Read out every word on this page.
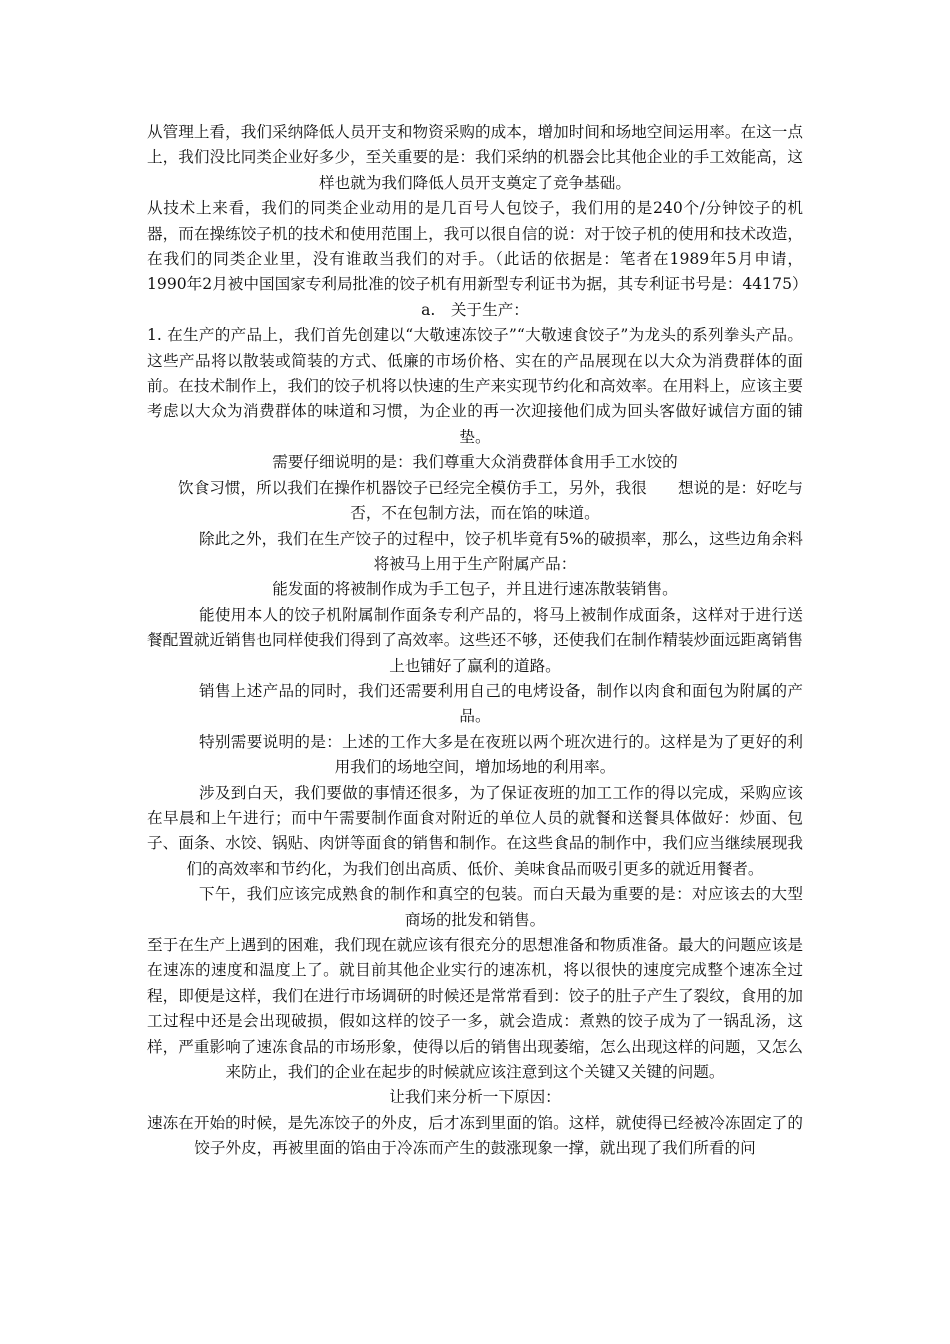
从管理上看，我们采纳降低人员开支和物资采购的成本，增加时间和场地空间运用率。在这一点上，我们没比同类企业好多少，至关重要的是：我们采纳的机器会比其他企业的手工效能高，这样也就为我们降低人员开支奠定了竞争基础。

从技术上来看，我们的同类企业动用的是几百号人包饺子，我们用的是240个/分钟饺子的机器，而在操练饺子机的技术和使用范围上，我可以很自信的说：对于饺子机的使用和技术改造，在我们的同类企业里，没有谁敢当我们的对手。（此话的依据是：笔者在1989年5月申请，1990年2月被中国国家专利局批准的饺子机有用新型专利证书为据，其专利证书号是：44175）

a.　关于生产：

1. 在生产的产品上，我们首先创建以“大敬速冻饺子”“大敬速食饺子”为龙头的系列拳头产品。这些产品将以散装或简装的方式、低廉的市场价格、实在的产品展现在以大众为消费群体的面前。在技术制作上，我们的饺子机将以快速的生产来实现节约化和高效率。在用料上，应该主要考虑以大众为消费群体的味道和习惯，为企业的再一次迎接他们成为回头客做好诚信方面的铺垫。

需要仔细说明的是：我们尊重大众消费群体食用手工水饺的

饮食习惯，所以我们在操作机器饺子已经完全模仿手工，另外，我很　　想说的是：好吃与否，不在包制方法，而在馅的味道。

除此之外，我们在生产饺子的过程中，饺子机毕竟有5%的破损率，那么，这些边角余料将被马上用于生产附属产品：

能发面的将被制作成为手工包子，并且进行速冻散装销售。

能使用本人的饺子机附属制作面条专利产品的，将马上被制作成面条，这样对于进行送餐配置就近销售也同样使我们得到了高效率。这些还不够，还使我们在制作精装炒面远距离销售上也铺好了赢利的道路。

销售上述产品的同时，我们还需要利用自己的电烤设备，制作以肉食和面包为附属的产品。

特别需要说明的是：上述的工作大多是在夜班以两个班次进行的。这样是为了更好的利用我们的场地空间，增加场地的利用率。

涉及到白天，我们要做的事情还很多，为了保证夜班的加工工作的得以完成，采购应该在早晨和上午进行；而中午需要制作面食对附近的单位人员的就餐和送餐具体做好：炒面、包子、面条、水饺、锅贴、肉饼等面食的销售和制作。在这些食品的制作中，我们应当继续展现我们的高效率和节约化，为我们创出高质、低价、美味食品而吸引更多的就近用餐者。

下午，我们应该完成熟食的制作和真空的包装。而白天最为重要的是：对应该去的大型商场的批发和销售。

至于在生产上遇到的困难，我们现在就应该有很充分的思想准备和物质准备。最大的问题应该是在速冻的速度和温度上了。就目前其他企业实行的速冻机，将以很快的速度完成整个速冻全过程，即便是这样，我们在进行市场调研的时候还是常常看到：饺子的肚子产生了裂纹，食用的加工过程中还是会出现破损，假如这样的饺子一多，就会造成：煮熟的饺子成为了一锅乱汤，这样，严重影响了速冻食品的市场形象，使得以后的销售出现萎缩，怎么出现这样的问题，又怎么来防止，我们的企业在起步的时候就应该注意到这个关键又关键的问题。

让我们来分析一下原因：

速冻在开始的时候，是先冻饺子的外皮，后才冻到里面的馅。这样，就使得已经被冷冻固定了的饺子外皮，再被里面的馅由于冷冻而产生的鼓涨现象一撑，就出现了我们所看的问
